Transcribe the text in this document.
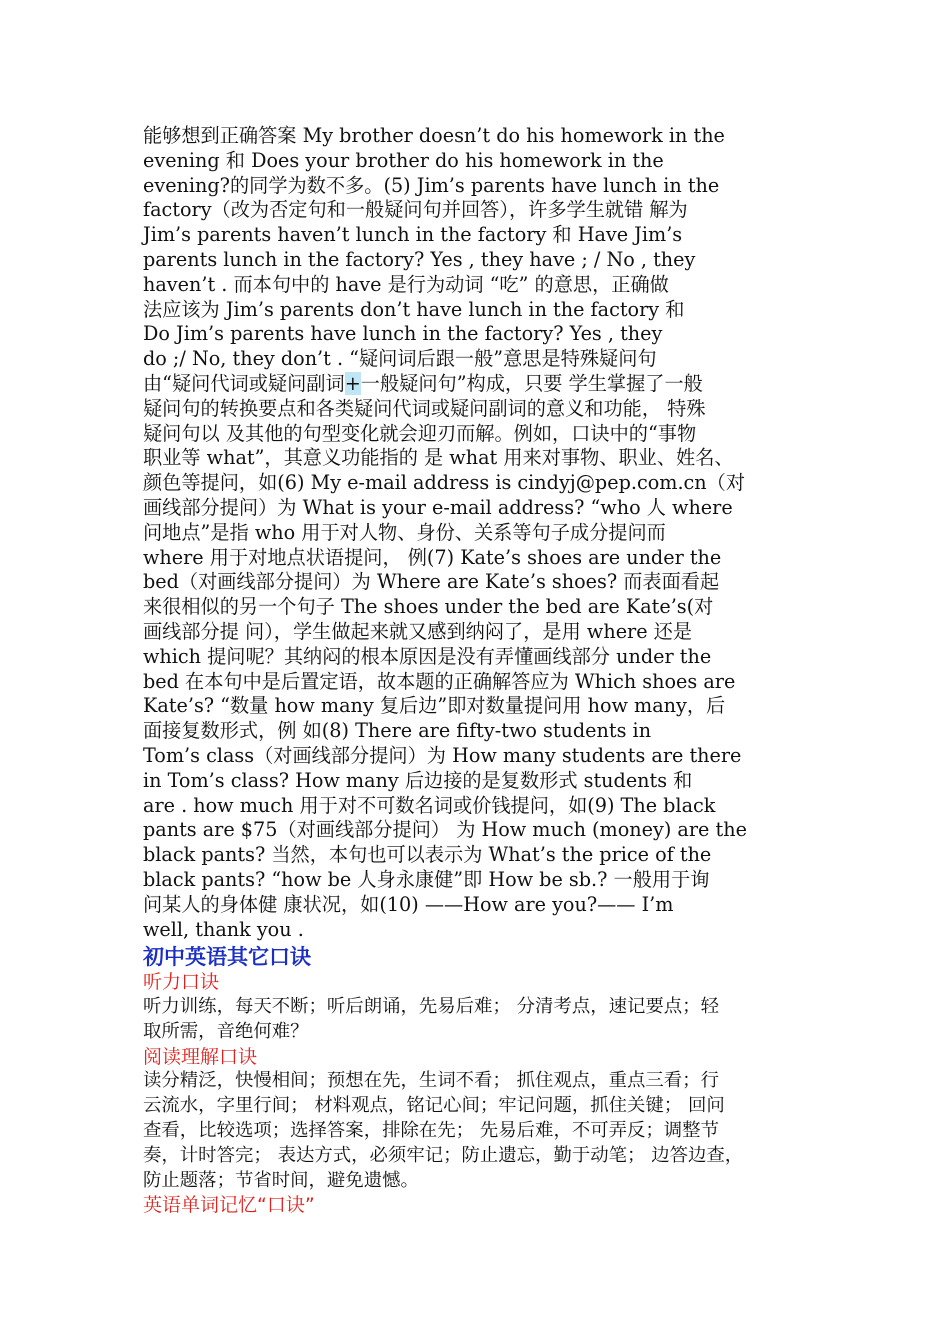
能够想到正确答案 My brother doesn’t do his homework in the
evening 和 Does your brother do his homework in the
evening?的同学为数不多。(5) Jim’s parents have lunch in the
factory（改为否定句和一般疑问句并回答），许多学生就错 解为
Jim’s parents haven’t lunch in the factory 和 Have Jim’s
parents lunch in the factory? Yes , they have ; / No , they
haven’t . 而本句中的 have 是行为动词 “吃” 的意思，正确做
法应该为 Jim’s parents don’t have lunch in the factory 和
Do Jim’s parents have lunch in the factory? Yes , they
do ;/ No, they don’t . “疑问词后跟一般”意思是特殊疑问句
由“疑问代词或疑问副词+一般疑问句”构成，只要 学生掌握了一般
疑问句的转换要点和各类疑问代词或疑问副词的意义和功能， 特殊
疑问句以 及其他的句型变化就会迎刃而解。例如，口诀中的“事物
职业等 what”，其意义功能指的 是 what 用来对事物、职业、姓名、
颜色等提问，如(6) My e-mail address is cindyj@pep.com.cn（对
画线部分提问）为 What is your e-mail address? “who 人 where
问地点”是指 who 用于对人物、身份、关系等句子成分提问而
where 用于对地点状语提问， 例(7) Kate’s shoes are under the
bed（对画线部分提问）为 Where are Kate’s shoes? 而表面看起
来很相似的另一个句子 The shoes under the bed are Kate’s(对
画线部分提 问），学生做起来就又感到纳闷了，是用 where 还是
which 提问呢？其纳闷的根本原因是没有弄懂画线部分 under the
bed 在本句中是后置定语，故本题的正确解答应为 Which shoes are
Kate’s? “数量 how many 复后边”即对数量提问用 how many，后
面接复数形式，例 如(8) There are fifty-two students in
Tom’s class（对画线部分提问）为 How many students are there
in Tom’s class? How many 后边接的是复数形式 students 和
are . how much 用于对不可数名词或价钱提问，如(9) The black
pants are $75（对画线部分提问） 为 How much (money) are the
black pants? 当然，本句也可以表示为 What’s the price of the
black pants? “how be 人身永康健”即 How be sb.? 一般用于询
问某人的身体健 康状况，如(10) ——How are you?—— I’m
well, thank you .
初中英语其它口诀
听力口诀
听力训练，每天不断；听后朗诵，先易后难； 分清考点，速记要点；轻
取所需，音绝何难？
阅读理解口诀
读分精泛，快慢相间；预想在先，生词不看； 抓住观点，重点三看；行
云流水，字里行间； 材料观点，铭记心间；牢记问题，抓住关键； 回问
查看，比较选项；选择答案，排除在先； 先易后难，不可弄反；调整节
奏，计时答完； 表达方式，必须牢记；防止遗忘，勤于动笔； 边答边查，
防止题落；节省时间，避免遗憾。
英语单词记忆“口诀”
